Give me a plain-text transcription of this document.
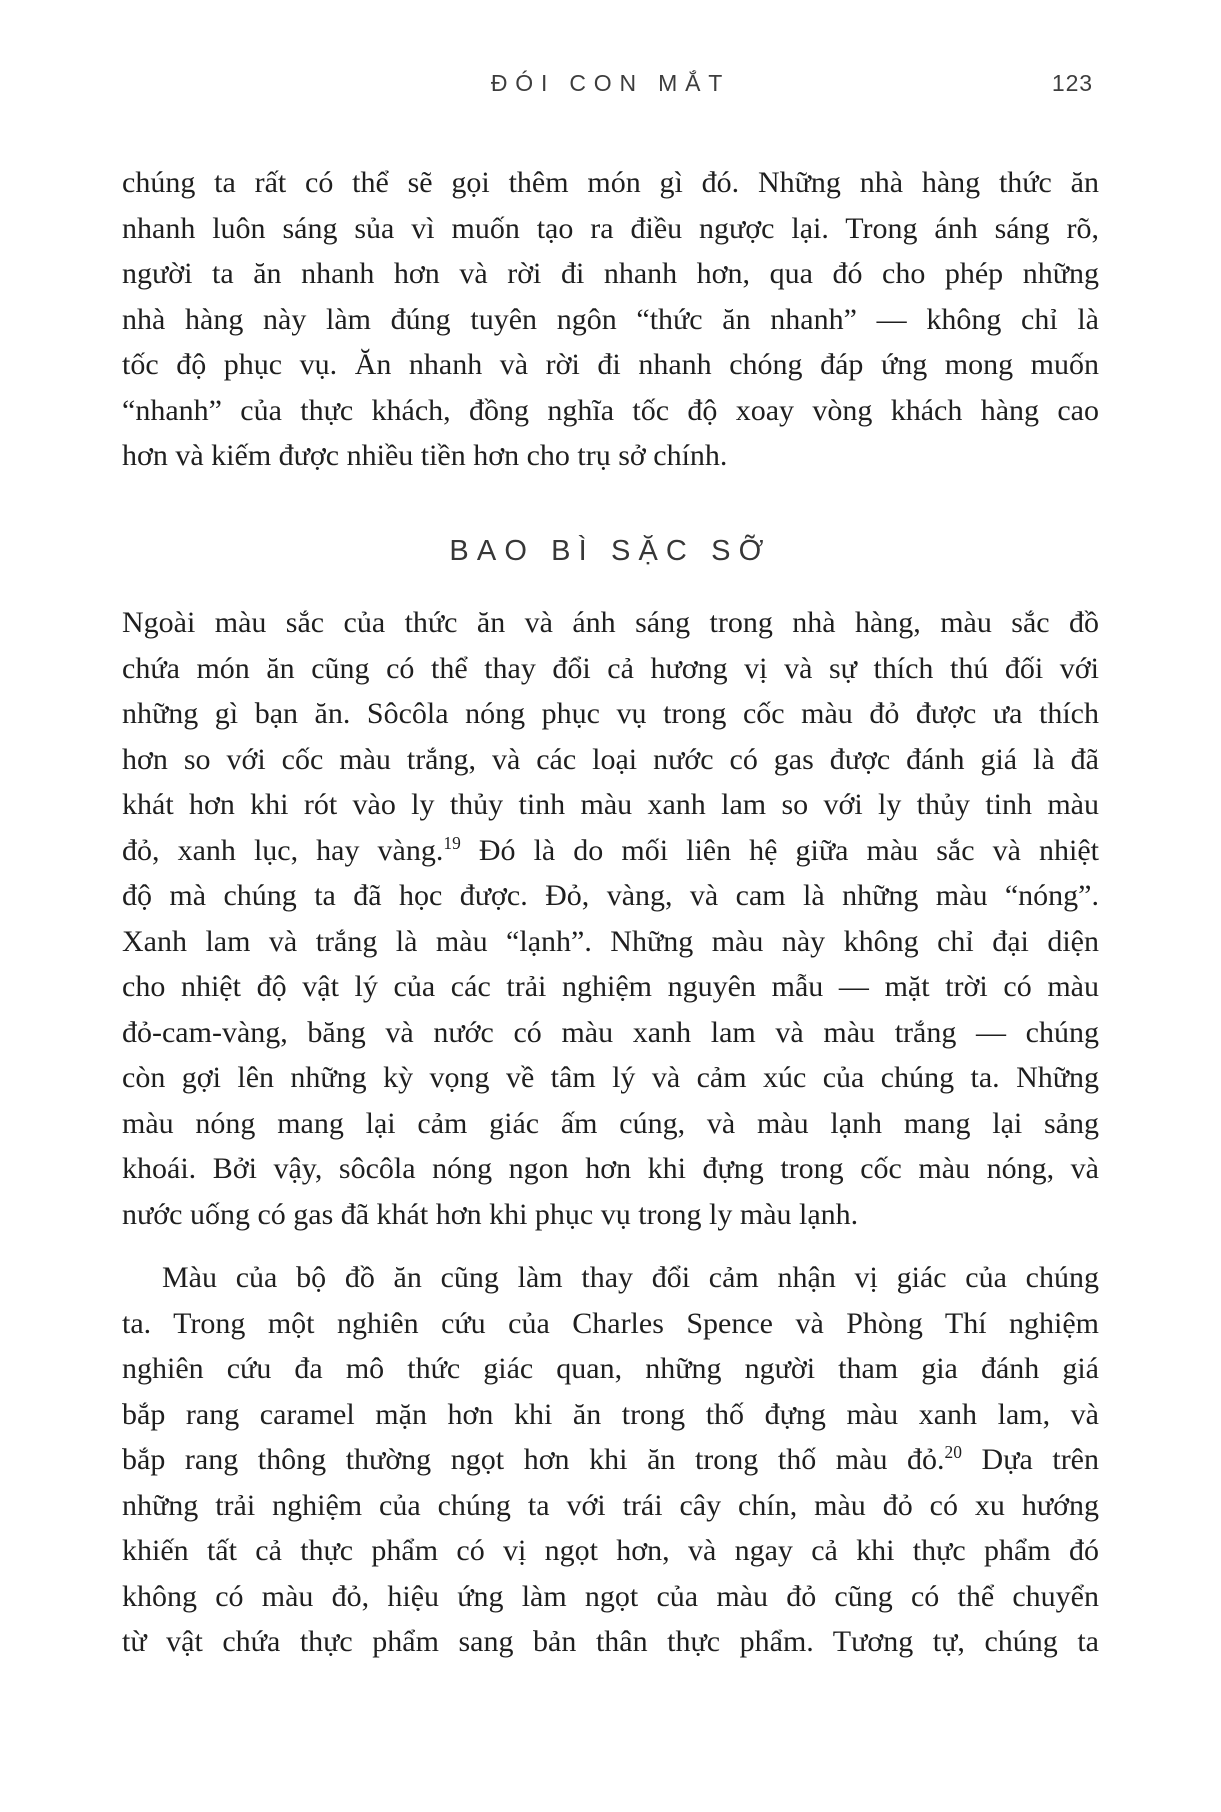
ĐÓI CON MẮT	123
chúng ta rất có thể sẽ gọi thêm món gì đó. Những nhà hàng thức ăn
nhanh luôn sáng sủa vì muốn tạo ra điều ngược lại. Trong ánh sáng rõ,
người ta ăn nhanh hơn và rời đi nhanh hơn, qua đó cho phép những
nhà hàng này làm đúng tuyên ngôn “thức ăn nhanh” — không chỉ là
tốc độ phục vụ. Ăn nhanh và rời đi nhanh chóng đáp ứng mong muốn
“nhanh” của thực khách, đồng nghĩa tốc độ xoay vòng khách hàng cao
hơn và kiếm được nhiều tiền hơn cho trụ sở chính.
BAO BÌ SẶC SỠ
Ngoài màu sắc của thức ăn và ánh sáng trong nhà hàng, màu sắc đồ
chứa món ăn cũng có thể thay đổi cả hương vị và sự thích thú đối với
những gì bạn ăn. Sôcôla nóng phục vụ trong cốc màu đỏ được ưa thích
hơn so với cốc màu trắng, và các loại nước có gas được đánh giá là đã
khát hơn khi rót vào ly thủy tinh màu xanh lam so với ly thủy tinh màu
đỏ, xanh lục, hay vàng.$^{19}$ Đó là do mối liên hệ giữa màu sắc và nhiệt
độ mà chúng ta đã học được. Đỏ, vàng, và cam là những màu “nóng”.
Xanh lam và trắng là màu “lạnh”. Những màu này không chỉ đại diện
cho nhiệt độ vật lý của các trải nghiệm nguyên mẫu — mặt trời có màu
đỏ-cam-vàng, băng và nước có màu xanh lam và màu trắng — chúng
còn gợi lên những kỳ vọng về tâm lý và cảm xúc của chúng ta. Những
màu nóng mang lại cảm giác ấm cúng, và màu lạnh mang lại sảng
khoái. Bởi vậy, sôcôla nóng ngon hơn khi đựng trong cốc màu nóng, và
nước uống có gas đã khát hơn khi phục vụ trong ly màu lạnh.
Màu của bộ đồ ăn cũng làm thay đổi cảm nhận vị giác của chúng
ta. Trong một nghiên cứu của Charles Spence và Phòng Thí nghiệm
nghiên cứu đa mô thức giác quan, những người tham gia đánh giá
bắp rang caramel mặn hơn khi ăn trong thố đựng màu xanh lam, và
bắp rang thông thường ngọt hơn khi ăn trong thố màu đỏ.$^{20}$ Dựa trên
những trải nghiệm của chúng ta với trái cây chín, màu đỏ có xu hướng
khiến tất cả thực phẩm có vị ngọt hơn, và ngay cả khi thực phẩm đó
không có màu đỏ, hiệu ứng làm ngọt của màu đỏ cũng có thể chuyển
từ vật chứa thực phẩm sang bản thân thực phẩm. Tương tự, chúng ta
